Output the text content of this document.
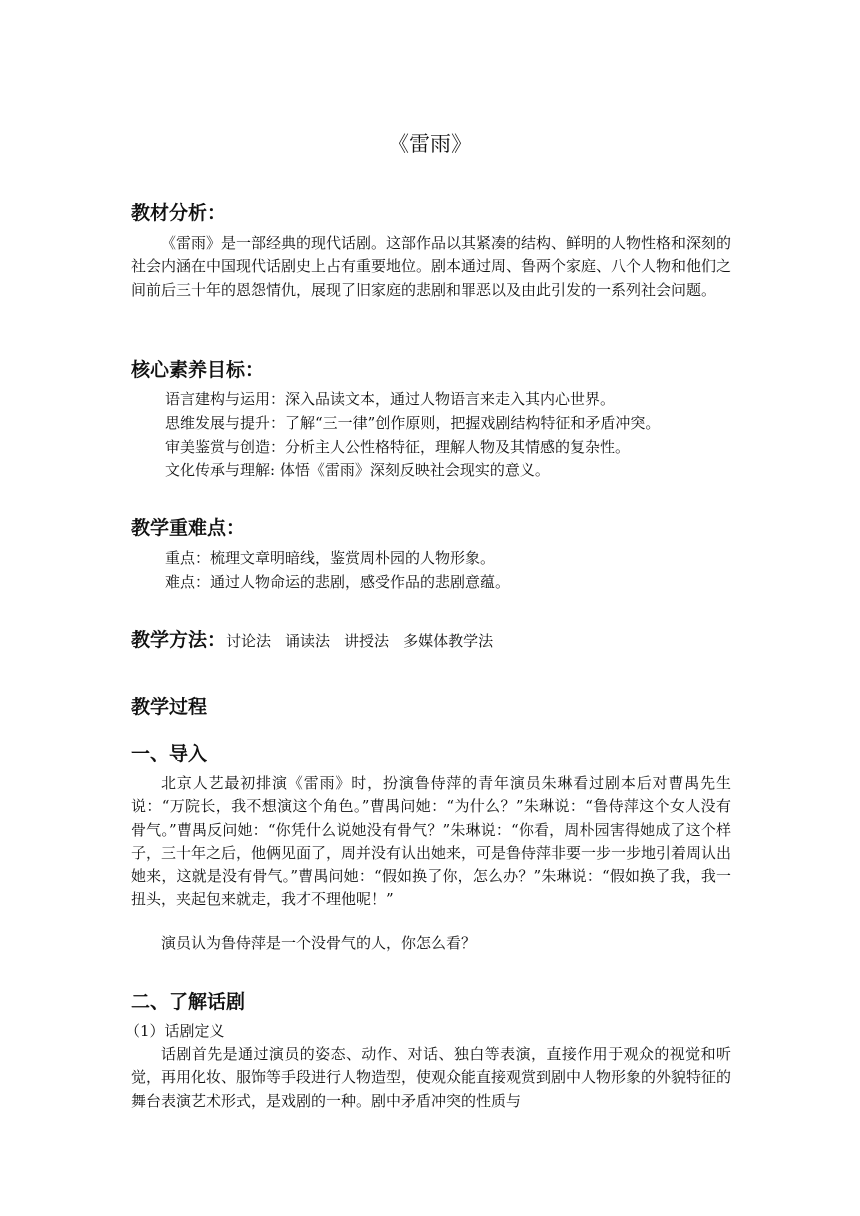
《雷雨》
教材分析：

《雷雨》是一部经典的现代话剧。这部作品以其紧凑的结构、鲜明的人物性格和深刻的社会内涵在中国现代话剧史上占有重要地位。剧本通过周、鲁两个家庭、八个人物和他们之间前后三十年的恩怨情仇，展现了旧家庭的悲剧和罪恶以及由此引发的一系列社会问题。

核心素养目标：
语言建构与运用：深入品读文本，通过人物语言来走入其内心世界。
思维发展与提升：了解“三一律”创作原则，把握戏剧结构特征和矛盾冲突。
审美鉴赏与创造：分析主人公性格特征，理解人物及其情感的复杂性。
文化传承与理解: 体悟《雷雨》深刻反映社会现实的意义。
教学重难点：
重点：梳理文章明暗线，鉴赏周朴园的人物形象。
难点：通过人物命运的悲剧，感受作品的悲剧意蕴。
教学方法：讨论法 诵读法 讲授法 多媒体教学法
教学过程
一、导入

北京人艺最初排演《雷雨》时，扮演鲁侍萍的青年演员朱琳看过剧本后对曹禺先生说：“万院长，我不想演这个角色。”曹禺问她：“为什么？”朱琳说：“鲁侍萍这个女人没有骨气。”曹禺反问她：“你凭什么说她没有骨气？”朱琳说：“你看，周朴园害得她成了这个样子，三十年之后，他俩见面了，周并没有认出她来，可是鲁侍萍非要一步一步地引着周认出她来，这就是没有骨气。”曹禺问她：“假如换了你，怎么办？”朱琳说：“假如换了我，我一扭头，夹起包来就走，我才不理他呢！”

演员认为鲁侍萍是一个没骨气的人，你怎么看？

二、了解话剧
（1）话剧定义

话剧首先是通过演员的姿态、动作、对话、独白等表演，直接作用于观众的视觉和听觉，再用化妆、服饰等手段进行人物造型，使观众能直接观赏到剧中人物形象的外貌特征的舞台表演艺术形式，是戏剧的一种。剧中矛盾冲突的性质与
